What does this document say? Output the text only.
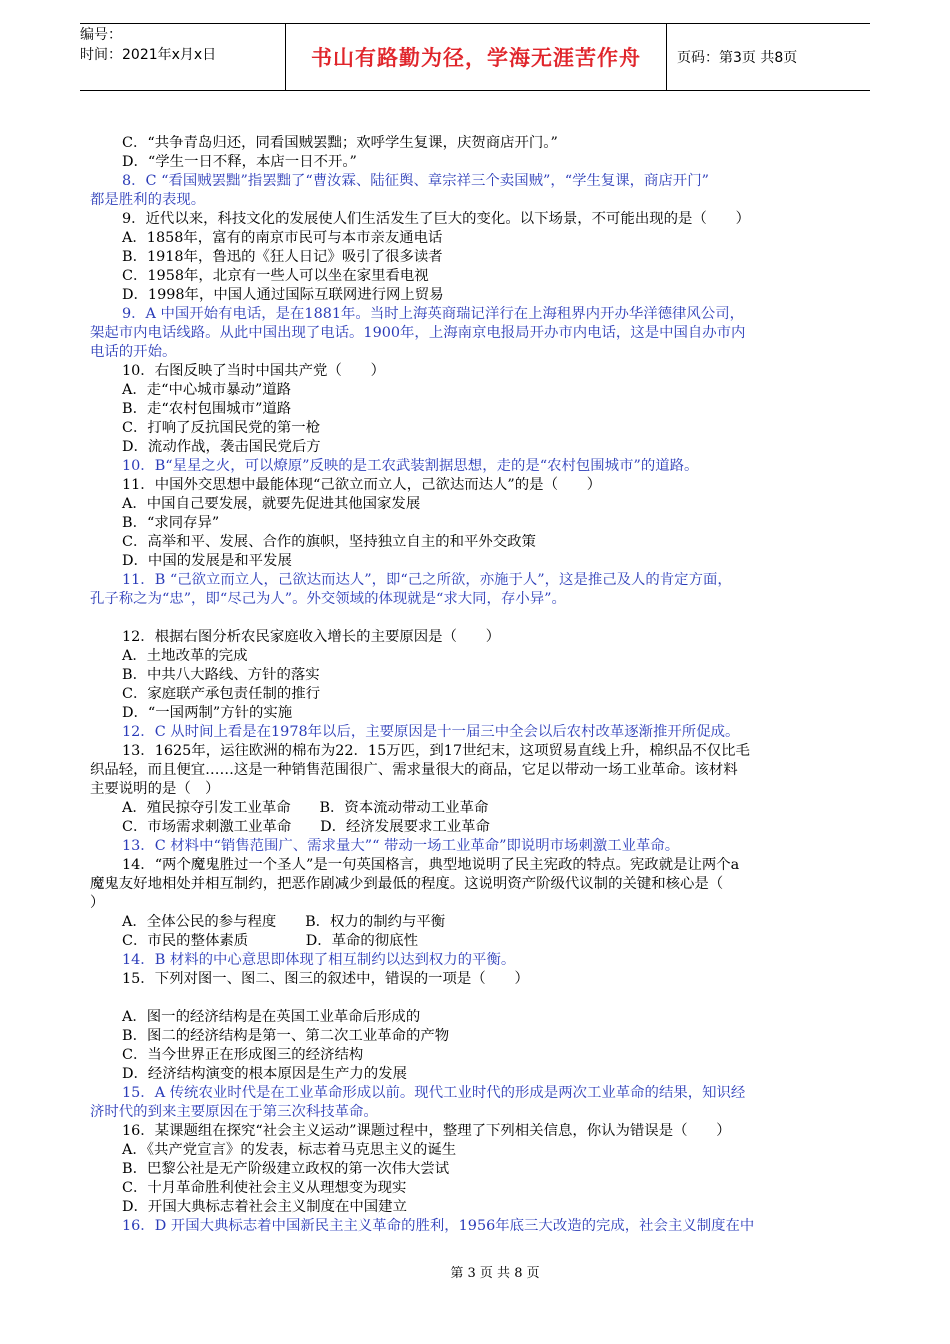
编号：
时间：2021年x月x日	书山有路勤为径，学海无涯苦作舟	页码：第3页 共8页
C．“共争青岛归还，同看国贼罢黜；欢呼学生复课，庆贺商店开门。”
D．“学生一日不释，本店一日不开。”
8．C “看国贼罢黜”指罢黜了“曹汝霖、陆征舆、章宗祥三个卖国贼”，“学生复课，商店开门”
都是胜利的表现。
9．近代以来，科技文化的发展使人们生活发生了巨大的变化。以下场景，不可能出现的是（　　）
A．1858年，富有的南京市民可与本市亲友通电话
B．1918年，鲁迅的《狂人日记》吸引了很多读者
C．1958年，北京有一些人可以坐在家里看电视
D．1998年，中国人通过国际互联网进行网上贸易
9．A 中国开始有电话，是在1881年。当时上海英商瑞记洋行在上海租界内开办华洋德律风公司，
架起市内电话线路。从此中国出现了电话。1900年，上海南京电报局开办市内电话，这是中国自办市内
电话的开始。
10．右图反映了当时中国共产党（　　）
A．走“中心城市暴动”道路
B．走“农村包围城市”道路
C．打响了反抗国民党的第一枪
D．流动作战，袭击国民党后方
10．B“星星之火，可以燎原”反映的是工农武装割据思想，走的是“农村包围城市”的道路。
11．中国外交思想中最能体现“己欲立而立人，己欲达而达人”的是（　　）
A．中国自己要发展，就要先促进其他国家发展
B．“求同存异”
C．高举和平、发展、合作的旗帜，坚持独立自主的和平外交政策
D．中国的发展是和平发展
11．B “己欲立而立人，己欲达而达人”，即“己之所欲，亦施于人”，这是推己及人的肯定方面，
孔子称之为“忠”，即“尽己为人”。外交领域的体现就是“求大同，存小异”。
12．根据右图分析农民家庭收入增长的主要原因是（　　）
A．土地改革的完成
B．中共八大路线、方针的落实
C．家庭联产承包责任制的推行
D．“一国两制”方针的实施
12．C 从时间上看是在1978年以后，主要原因是十一届三中全会以后农村改革逐渐推开所促成。
13．1625年，运往欧洲的棉布为22．15万匹，到17世纪末，这项贸易直线上升，棉织品不仅比毛
织品轻，而且便宜……这是一种销售范围很广、需求量很大的商品，它足以带动一场工业革命。该材料
主要说明的是（　）
A．殖民掠夺引发工业革命　　B．资本流动带动工业革命
C．市场需求刺激工业革命　　D．经济发展要求工业革命
13．C 材料中“销售范围广、需求量大”“ 带动一场工业革命”即说明市场刺激工业革命。
14．“两个魔鬼胜过一个圣人”是一句英国格言，典型地说明了民主宪政的特点。宪政就是让两个a
魔鬼友好地相处并相互制约，把恶作剧减少到最低的程度。这说明资产阶级代议制的关键和核心是（
）
A．全体公民的参与程度　　B．权力的制约与平衡
C．市民的整体素质　　　　D．革命的彻底性
14．B 材料的中心意思即体现了相互制约以达到权力的平衡。
15．下列对图一、图二、图三的叙述中，错误的一项是（　　）
A．图一的经济结构是在英国工业革命后形成的
B．图二的经济结构是第一、第二次工业革命的产物
C．当今世界正在形成图三的经济结构
D．经济结构演变的根本原因是生产力的发展
15．A 传统农业时代是在工业革命形成以前。现代工业时代的形成是两次工业革命的结果，知识经
济时代的到来主要原因在于第三次科技革命。
16．某课题组在探究“社会主义运动”课题过程中，整理了下列相关信息，你认为错误是（　　）
A．《共产党宣言》的发表，标志着马克思主义的诞生
B．巴黎公社是无产阶级建立政权的第一次伟大尝试
C．十月革命胜利使社会主义从理想变为现实
D．开国大典标志着社会主义制度在中国建立
16．D 开国大典标志着中国新民主主义革命的胜利，1956年底三大改造的完成，社会主义制度在中
第 3 页 共 8 页
